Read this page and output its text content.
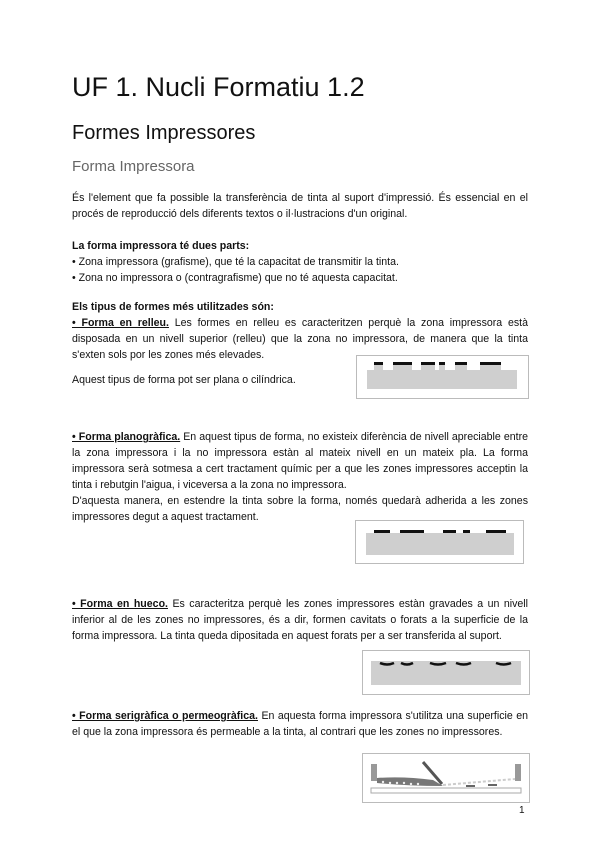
UF 1. Nucli Formatiu 1.2
Formes Impressores
Forma Impressora

És l'element que fa possible la transferència de tinta al suport d'impressió. És essencial en el procés de reproducció dels diferents textos o il·lustracions d'un original.

La forma impressora té dues parts:
• Zona impressora (grafisme), que té la capacitat de transmitir la tinta.
• Zona no impressora o (contragrafisme) que no té aquesta capacitat.
Els tipus de formes més utilitzades són:
• Forma en relleu. Les formes en relleu es caracteritzen perquè la zona impressora està disposada en un nivell superior (relleu) que la zona no impressora, de manera que la tinta s'exten sols por les zones més elevades.
Aquest tipus de forma pot ser plana o cilíndrica.
• Forma planogràfica. En aquest tipus de forma, no existeix diferència de nivell apreciable entre la zona impressora i la no impressora estàn al mateix nivell en un mateix pla. La forma impressora serà sotmesa a cert tractament químic per a que les zones impressores acceptin la tinta i rebutgin l'aigua, i viceversa a la zona no impressora.
D'aquesta manera, en estendre la tinta sobre la forma, només quedarà adherida a les zones impressores degut a aquest tractament.
• Forma en hueco. Es caracteritza perquè les zones impressores estàn gravades a un nivell inferior al de les zones no impressores, és a dir, formen cavitats o forats a la superficie de la forma impressora. La tinta queda dipositada en aquest forats per a ser transferida al suport.
• Forma serigràfica o permeogràfica. En aquesta forma impressora s'utilitza una superficie en el que la zona impressora és permeable a la tinta, al contrari que les zones no impressores.
1
